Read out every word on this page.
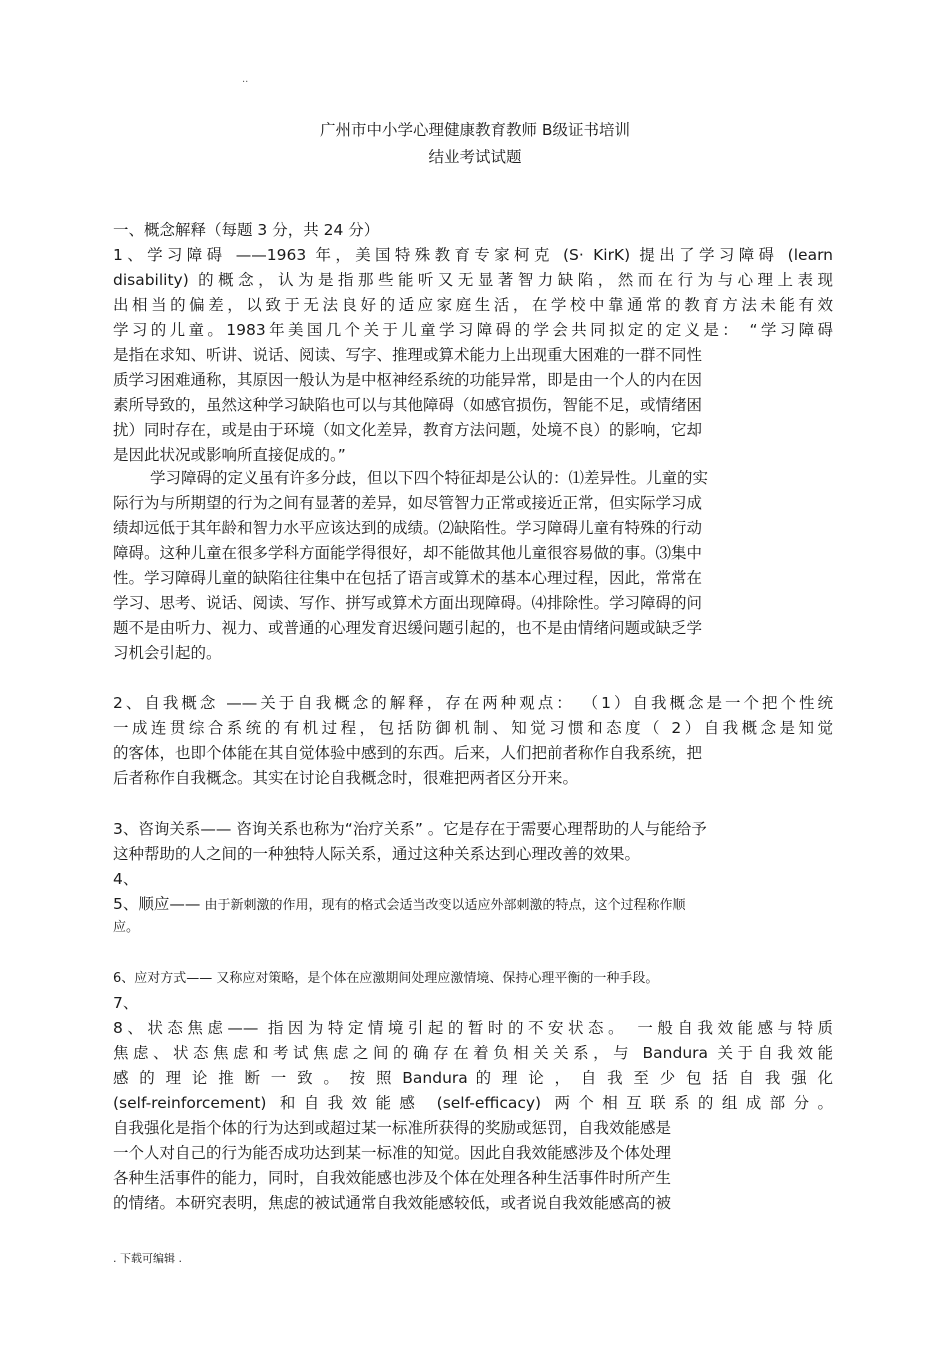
..
广州市中小学心理健康教育教师 B级证书培训
结业考试试题
一、概念解释（每题 3 分，共 24 分）
1、学习障碍 ——1963 年，美国特殊教育专家柯克 (S· KirK) 提出了学习障碍 (learn
disability) 的概念，认为是指那些能听又无显著智力缺陷，然而在行为与心理上表现
出相当的偏差，以致于无法良好的适应家庭生活，在学校中靠通常的教育方法未能有效
学习的儿童。1983年美国几个关于儿童学习障碍的学会共同拟定的定义是： “学习障碍
是指在求知、听讲、说话、阅读、写字、推理或算术能力上出现重大困难的一群不同性
质学习困难通称，其原因一般认为是中枢神经系统的功能异常，即是由一个人的内在因
素所导致的，虽然这种学习缺陷也可以与其他障碍（如感官损伤，智能不足，或情绪困
扰）同时存在，或是由于环境（如文化差异，教育方法问题，处境不良）的影响，它却
是因此状况或影响所直接促成的。”
学习障碍的定义虽有许多分歧，但以下四个特征却是公认的：⑴差异性。儿童的实
际行为与所期望的行为之间有显著的差异，如尽管智力正常或接近正常，但实际学习成
绩却远低于其年龄和智力水平应该达到的成绩。⑵缺陷性。学习障碍儿童有特殊的行动
障碍。这种儿童在很多学科方面能学得很好，却不能做其他儿童很容易做的事。⑶集中
性。学习障碍儿童的缺陷往往集中在包括了语言或算术的基本心理过程，因此，常常在
学习、思考、说话、阅读、写作、拼写或算术方面出现障碍。⑷排除性。学习障碍的问
题不是由听力、视力、或普通的心理发育迟缓问题引起的，也不是由情绪问题或缺乏学
习机会引起的。
2、自我概念 ——关于自我概念的解释，存在两种观点： （1）自我概念是一个把个性统
一成连贯综合系统的有机过程，包括防御机制、知觉习惯和态度（ 2）自我概念是知觉
的客体，也即个体能在其自觉体验中感到的东西。后来，人们把前者称作自我系统，把
后者称作自我概念。其实在讨论自我概念时，很难把两者区分开来。
3、咨询关系—— 咨询关系也称为“治疗关系” 。它是存在于需要心理帮助的人与能给予
这种帮助的人之间的一种独特人际关系，通过这种关系达到心理改善的效果。
4、
5、顺应—— 由于新刺激的作用，现有的格式会适当改变以适应外部刺激的特点，这个过程称作顺
应。
6、应对方式—— 又称应对策略，是个体在应激期间处理应激情境、保持心理平衡的一种手段。
7、
8、状态焦虑—— 指因为特定情境引起的暂时的不安状态。 一般自我效能感与特质
焦虑、状态焦虑和考试焦虑之间的确存在着负相关关系，与 Bandura 关于自我效能
感 的 理 论 推 断 一 致 。 按 照 Bandura 的 理 论 ， 自 我 至 少 包 括 自 我 强 化
(self-reinforcement) 和自我效能感 (self-efficacy) 两个相互联系的组成部分。
自我强化是指个体的行为达到或超过某一标准所获得的奖励或惩罚，自我效能感是
一个人对自己的行为能否成功达到某一标准的知觉。因此自我效能感涉及个体处理
各种生活事件的能力，同时，自我效能感也涉及个体在处理各种生活事件时所产生
的情绪。本研究表明，焦虑的被试通常自我效能感较低，或者说自我效能感高的被
. 下载可编辑 .
